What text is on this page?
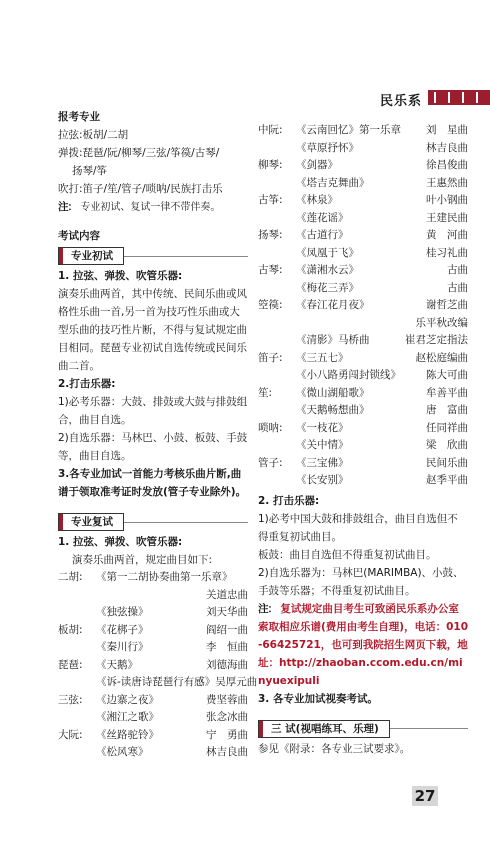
民乐系
报考专业
拉弦:板胡/二胡
弹拨:琵琶/阮/柳琴/三弦/筝篌/古琴/
扬琴/筝
吹打:笛子/笙/管子/唢呐/民族打击乐
注： 专业初试、复试一律不带伴奏。
考试内容
专业初试
1. 拉弦、弹拨、吹管乐器:
演奏乐曲两首，其中传统、民间乐曲或风格性乐曲一首,另一首为技巧性乐曲或大型乐曲的技巧性片断，不得与复试规定曲目相同。琵琶专业初试自选传统或民间乐曲二首。
2.打击乐器:
1)必考乐器：大鼓、排鼓或大鼓与排鼓组合，曲目自选。
2)自选乐器：马林巴、小鼓、板鼓、手鼓等，曲目自选。
3.各专业加试一首能力考核乐曲片断,曲谱于领取准考证时发放(管子专业除外)。
专业复试
1. 拉弦、弹拨、吹管乐器:
演奏乐曲两首，规定曲目如下:
二胡:	《第一二胡协奏曲第一乐章》
关道忠曲
《独弦操》	刘天华曲
板胡:	《花梆子》	阎绍一曲
《秦川行》	李　恒曲
琵琶:	《天鹅》	刘德海曲
《诉-读唐诗琵琶行有感》 吴厚元曲
三弦:	《边寨之夜》	费坚蓉曲
《湘江之歌》	张念冰曲
大阮:	《丝路驼铃》	宁　勇曲
《松风寒》	林吉良曲
中阮:	《云南回忆》第一乐章	刘　星曲
《草原抒怀》	林吉良曲
柳琴:	《剑器》	徐昌俊曲
《塔吉克舞曲》	王惠然曲
古筝:	《林泉》	叶小钢曲
《莲花谣》	王建民曲
扬琴:	《古道行》	黄　河曲
《凤凰于飞》	桂习礼曲
古琴:	《潇湘水云》	古曲
《梅花三弄》	古曲
箜篌:	《春江花月夜》	谢哲芝曲
乐平秋改编
《清影》马桥曲	崔君芝定指法
笛子:	《三五七》	赵松庭编曲
《小八路勇闯封锁线》	陈大可曲
笙:	《微山湖船歌》	牟善平曲
《天鹅畅想曲》	唐　富曲
唢呐:	《一枝花》	任同祥曲
《关中情》	梁　欣曲
管子:	《三宝佛》	民间乐曲
《长安别》	赵季平曲
2. 打击乐器:
1)必考中国大鼓和排鼓组合，曲目自选但不得重复初试曲目。
板鼓：曲目自选但不得重复初试曲目。
2)自选乐器为：马林巴(MARIMBA)、小鼓、手鼓等乐器；不得重复初试曲目。
注： 复试规定曲目考生可致函民乐系办公室索取相应乐谱(费用由考生自理)，电话：010-66425721，也可到我院招生网页下载，地址：http://zhaoban.ccom.edu.cn/minyuexipuli
3. 各专业加试视奏考试。
三 试(视唱练耳、乐理)
参见《附录：各专业三试要求》。
27
